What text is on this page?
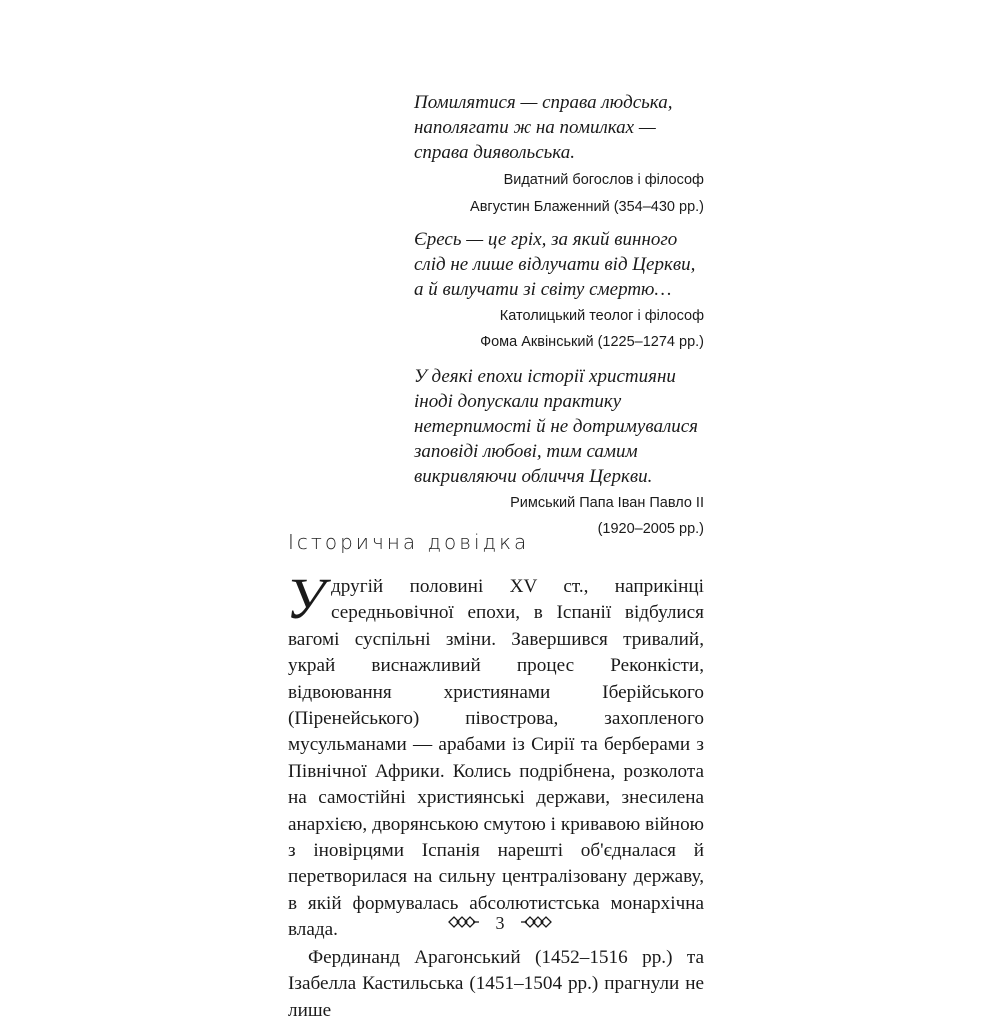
Помилятися — справа людська,
наполягати ж на помилках —
справа диявольська.

Видатний богослов і філософ

Августин Блаженний (354–430 рр.)

Єресь — це гріх, за який винного
слід не лише відлучати від Церкви,
а й вилучати зі світу смертю…

Католицький теолог і філософ

Фома Аквінський (1225–1274 рр.)

У деякі епохи історії християни
іноді допускали практику
нетерпимості й не дотримувалися
заповіді любові, тим самим
викривляючи обличчя Церкви.

Римський Папа Іван Павло ІІ

(1920–2005 рр.)

Історична довідка

У другій половині XV ст., наприкінці середньовічної епохи, в Іспанії відбулися вагомі суспільні зміни. Завершився тривалий, украй виснажливий процес Реконкісти, відвоювання християнами Іберійського (Піренейського) півострова, захопленого мусульманами — арабами із Сирії та берберами з Північної Африки. Колись подрібнена, розколота на самостійні християнські держави, знесилена анархією, дворянською смутою і кривавою війною з іновірцями Іспанія нарешті об'єдналася й перетворилася на сильну централізовану державу, в якій формувалась абсолютистська монархічна влада.

Фердинанд Арагонський (1452–1516 рр.) та Ізабелла Кастильська (1451–1504 рр.) прагнули не лише

3
